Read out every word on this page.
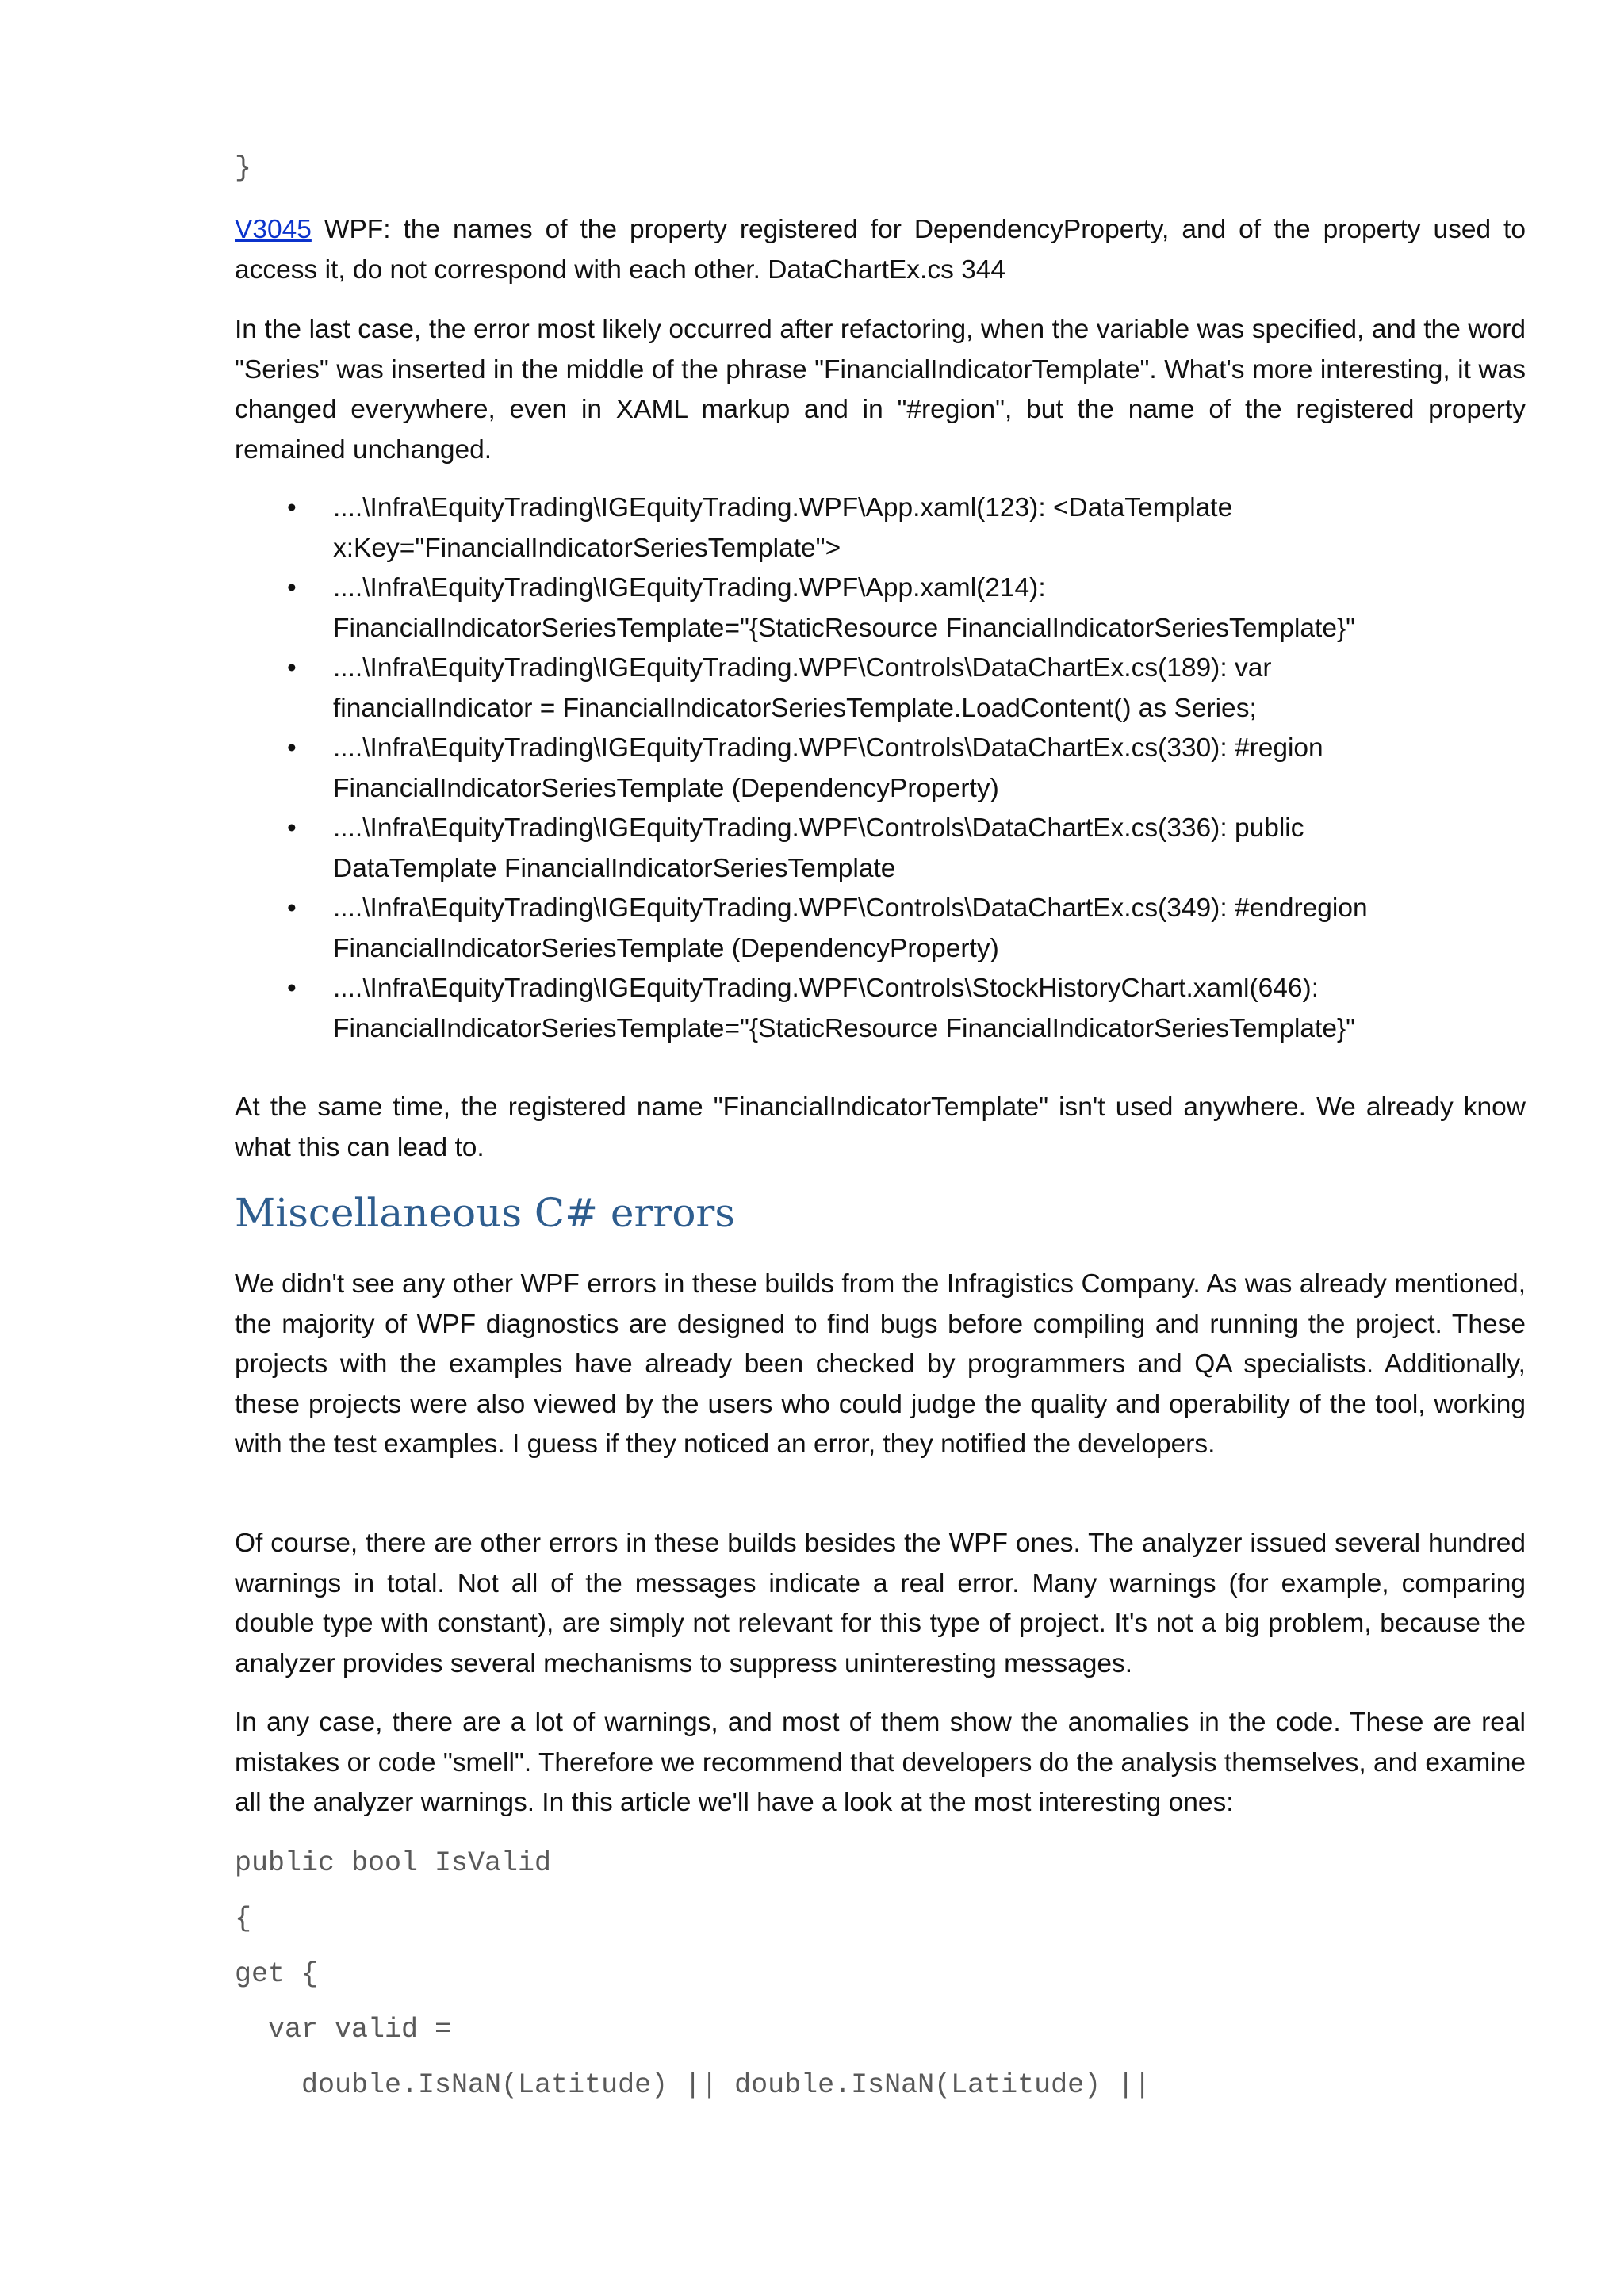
}

V3045 WPF: the names of the property registered for DependencyProperty, and of the property used to access it, do not correspond with each other. DataChartEx.cs 344

In the last case, the error most likely occurred after refactoring, when the variable was specified, and the word "Series" was inserted in the middle of the phrase "FinancialIndicatorTemplate". What's more interesting, it was changed everywhere, even in XAML markup and in "#region", but the name of the registered property remained unchanged.

• ....\Infra\EquityTrading\IGEquityTrading.WPF\App.xaml(123): <DataTemplate
x:Key="FinancialIndicatorSeriesTemplate">
• ....\Infra\EquityTrading\IGEquityTrading.WPF\App.xaml(214):
FinancialIndicatorSeriesTemplate="{StaticResource FinancialIndicatorSeriesTemplate}"
• ....\Infra\EquityTrading\IGEquityTrading.WPF\Controls\DataChartEx.cs(189): var
financialIndicator = FinancialIndicatorSeriesTemplate.LoadContent() as Series;
• ....\Infra\EquityTrading\IGEquityTrading.WPF\Controls\DataChartEx.cs(330): #region
FinancialIndicatorSeriesTemplate (DependencyProperty)
• ....\Infra\EquityTrading\IGEquityTrading.WPF\Controls\DataChartEx.cs(336): public
DataTemplate FinancialIndicatorSeriesTemplate
• ....\Infra\EquityTrading\IGEquityTrading.WPF\Controls\DataChartEx.cs(349): #endregion
FinancialIndicatorSeriesTemplate (DependencyProperty)
• ....\Infra\EquityTrading\IGEquityTrading.WPF\Controls\StockHistoryChart.xaml(646):
FinancialIndicatorSeriesTemplate="{StaticResource FinancialIndicatorSeriesTemplate}"

At the same time, the registered name "FinancialIndicatorTemplate" isn't used anywhere. We already know what this can lead to.

Miscellaneous C# errors

We didn't see any other WPF errors in these builds from the Infragistics Company. As was already mentioned, the majority of WPF diagnostics are designed to find bugs before compiling and running the project. These projects with the examples have already been checked by programmers and QA specialists. Additionally, these projects were also viewed by the users who could judge the quality and operability of the tool, working with the test examples. I guess if they noticed an error, they notified the developers.

Of course, there are other errors in these builds besides the WPF ones. The analyzer issued several hundred warnings in total. Not all of the messages indicate a real error. Many warnings (for example, comparing double type with constant), are simply not relevant for this type of project. It's not a big problem, because the analyzer provides several mechanisms to suppress uninteresting messages.

In any case, there are a lot of warnings, and most of them show the anomalies in the code. These are real mistakes or code "smell". Therefore we recommend that developers do the analysis themselves, and examine all the analyzer warnings. In this article we'll have a look at the most interesting ones:

public bool IsValid
{
get {
var valid =
double.IsNaN(Latitude) || double.IsNaN(Latitude) ||
